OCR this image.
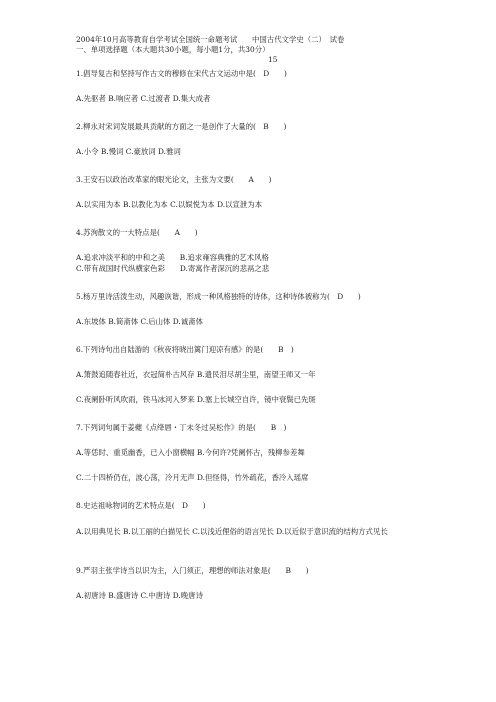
2004年10月高等教育自学考试全国统一命题考试　　中国古代文学史（二）　试卷
一、单项选择题（本大题共30小题，每小题1分，共30分）
15
1.倡导复古和坚持写作古文的穆修在宋代古文运动中是(　D　　)
A.先驱者 B.响应者 C.过渡者 D.集大成者
2.柳永对宋词发展最具贡献的方面之一是创作了大量的(　B　　)
A.小令 B.慢词 C.豪放词 D.雅词
3.王安石以政治改革家的眼光论文，主张为文要(　　A　　)
A.以实用为本 B.以教化为本 C.以娱悦为本 D.以宣泄为本
4.苏洵散文的一大特点是(　　A　　)
A.追求冲淡平和的中和之美　　B.追求雍容典雅的艺术风格
C.带有战国时代纵横家色彩　　D.寄寓作者深沉的悲鬲之悲
5.杨万里诗活泼生动，风趣诙谐，形成一种风格独特的诗体，这种诗体被称为(　D　　)
A.东坡体 B.简斋体 C.后山体 D.诚斋体
6.下列诗句出自陆游的《秋夜将晓出篱门迎凉有感》的是(　　B　)
A.箫鼓追随春社近，衣冠简朴古风存 B.遗民泪尽胡尘里，南望王师又一年
C.夜阑卧听风吹雨，铁马冰河入梦来 D.塞上长城空自许，镜中衰鬓已先斑
7.下列词句属于姜夔《点绛唇・丁未冬过吴松作》的是(　　B　)
A.等恁时、重觅幽香，已入小窗横幅 B.今何许?凭阑怀古，残柳参差舞
C.二十四桥仍在，波心荡，冷月无声 D.但怪得，竹外疏花，香冷入瑶席
8.史达祖咏物词的艺术特点是(　D　　)
A.以用典见长 B.以工丽的白描见长 C.以浅近俚俗的语言见长 D.以近似于意识流的结构方式见长
9.严羽主张学诗当以识为主，入门须正，理想的师法对象是(　　B　　)
A.初唐诗 B.盛唐诗 C.中唐诗 D.晚唐诗
